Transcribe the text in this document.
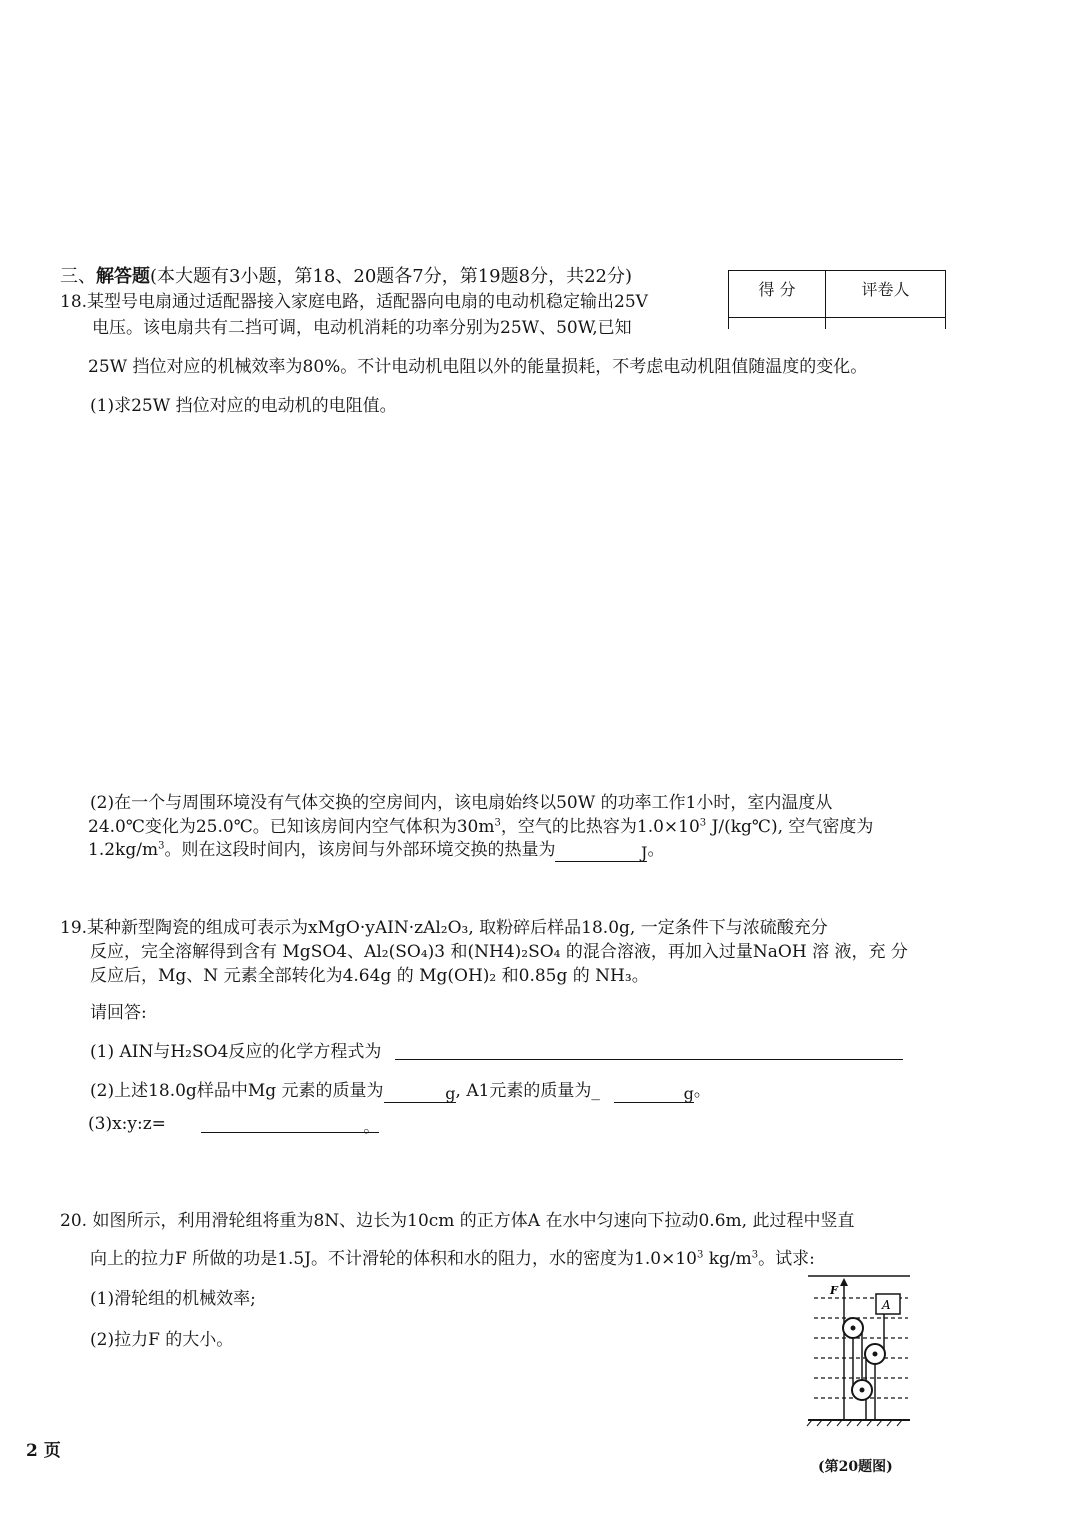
三、解答题(本大题有3小题，第18、20题各7分，第19题8分，共22分)
得 分	评卷人
18.某型号电扇通过适配器接入家庭电路，适配器向电扇的电动机稳定输出25V
电压。该电扇共有二挡可调，电动机消耗的功率分别为25W、50W,已知
25W 挡位对应的机械效率为80%。不计电动机电阻以外的能量损耗，不考虑电动机阻值随温度的变化。
(1)求25W 挡位对应的电动机的电阻值。
(2)在一个与周围环境没有气体交换的空房间内，该电扇始终以50W 的功率工作1小时，室内温度从
24.0℃变化为25.0℃。已知该房间内空气体积为$30m^3$，空气的比热容为$1.0\times 10^3$ J/(kg℃), 空气密度为
$1.2kg/m^3$。则在这段时间内，该房间与外部环境交换的热量为	J。
19.某种新型陶瓷的组成可表示为xMgO·yAIN·zAl₂O₃, 取粉碎后样品18.0g, 一定条件下与浓硫酸充分
反应，完全溶解得到含有 MgSO4、Al₂(SO₄)3 和(NH4)₂SO₄ 的混合溶液，再加入过量NaOH 溶 液，充 分
反应后，Mg、N 元素全部转化为4.64g 的 Mg(OH)₂ 和0.85g 的 NH₃。
请回答:
(1) AIN与H₂SO4反应的化学方程式为
(2)上述18.0g样品中Mg 元素的质量为	g, A1元素的质量为_	g。
(3)x:y:z=	。
20. 如图所示，利用滑轮组将重为8N、边长为10cm 的正方体A 在水中匀速向下拉动0.6m, 此过程中竖直
向上的拉力F 所做的功是1.5J。不计滑轮的体积和水的阻力，水的密度为$1.0\times 10^3$ $kg/m^3$。试求:
(1)滑轮组的机械效率;
(2)拉力F 的大小。
F
A
(第20题图)
2 页
